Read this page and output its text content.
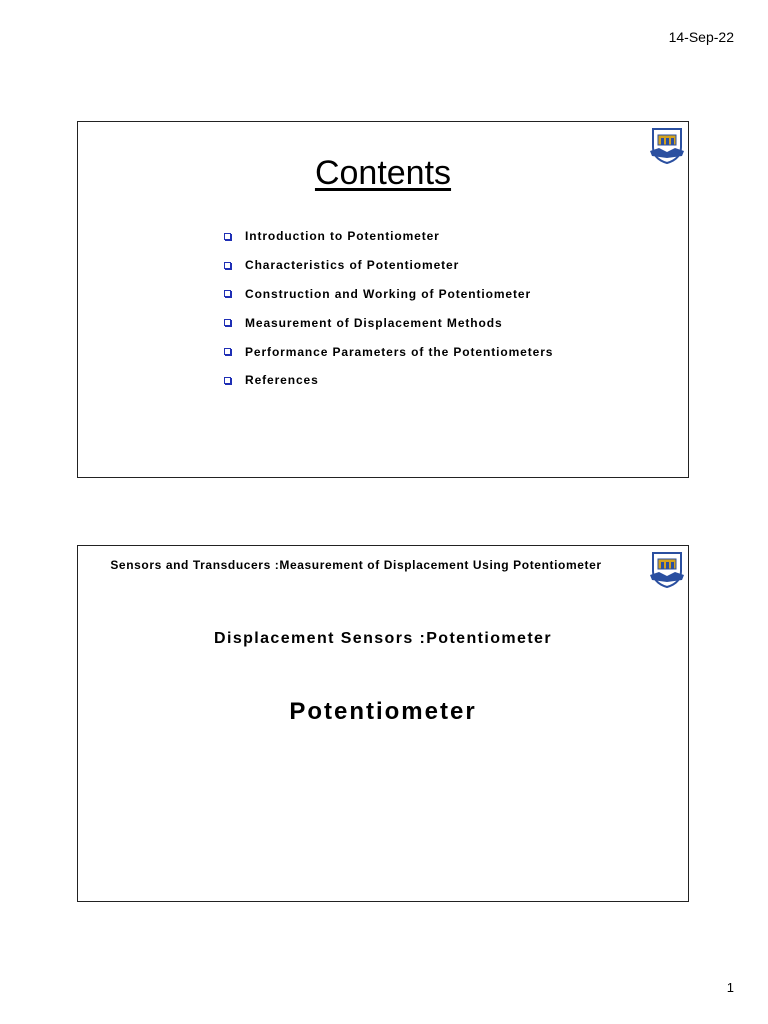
14-Sep-22
Contents
Introduction to Potentiometer
Characteristics of Potentiometer
Construction and Working of Potentiometer
Measurement of Displacement Methods
Performance Parameters of the Potentiometers
References
Sensors and Transducers :Measurement of Displacement Using Potentiometer
Displacement Sensors :Potentiometer
Potentiometer
1
